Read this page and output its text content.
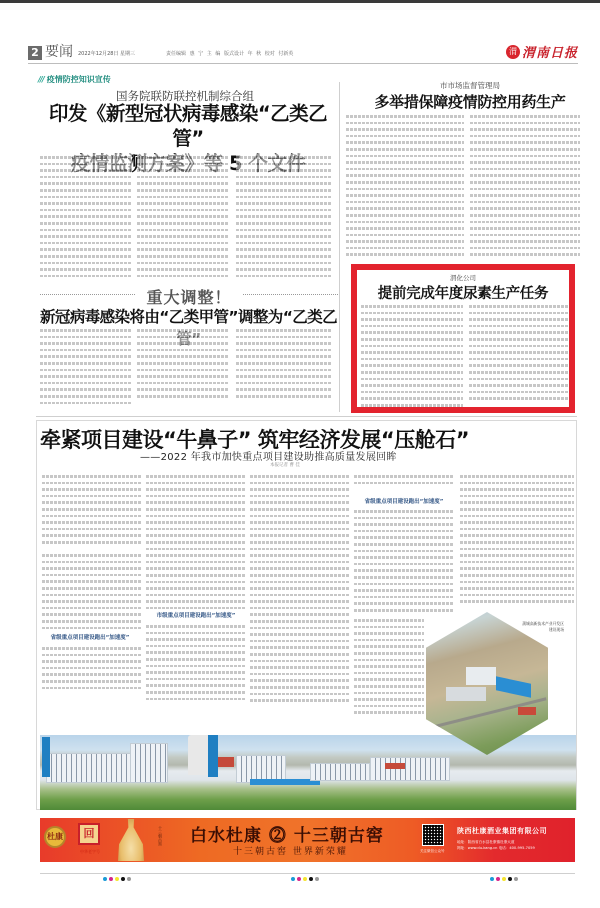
2 要闻 2022年12月28日 星期三	责任编辑 惠 宁 主 编 版式设计 年 秋 校对 付新英	渭 渭南日报
/// 疫情防控知识宣传
国务院联防联控机制综合组
印发《新型冠状病毒感染“乙类乙管”
重大调整！
新冠病毒感染将由“乙类甲管”调整为“乙类乙
市市场监督管理局
多举措保障疫情防控用药生产
渭化公司
提前完成年度尿素生产任务
牵紧项目建设“牛鼻子” 筑牢经济发展“压舱石”
——2022 年我市加快重点项目建设助推高质量发展回眸
本报记者 曹 佳
省级重点项目建设跑出“加速度”
市级重点项目建设跑出“加速度”
省级重点项目建设跑出“加速度”
蒲城高新技术产业开发区
建设现场
杜康	回
中华老字号
十三朝古窖 白水杜康 ⓶ 十三朝古窖
十三朝古窖 世界新荣耀	关注微信公众号
陕西杜康酒业集团有限公司
地址：陕西省白水县杜康镇杜康大道
网址：www.du-kang.cn 电话：400-995-7059
